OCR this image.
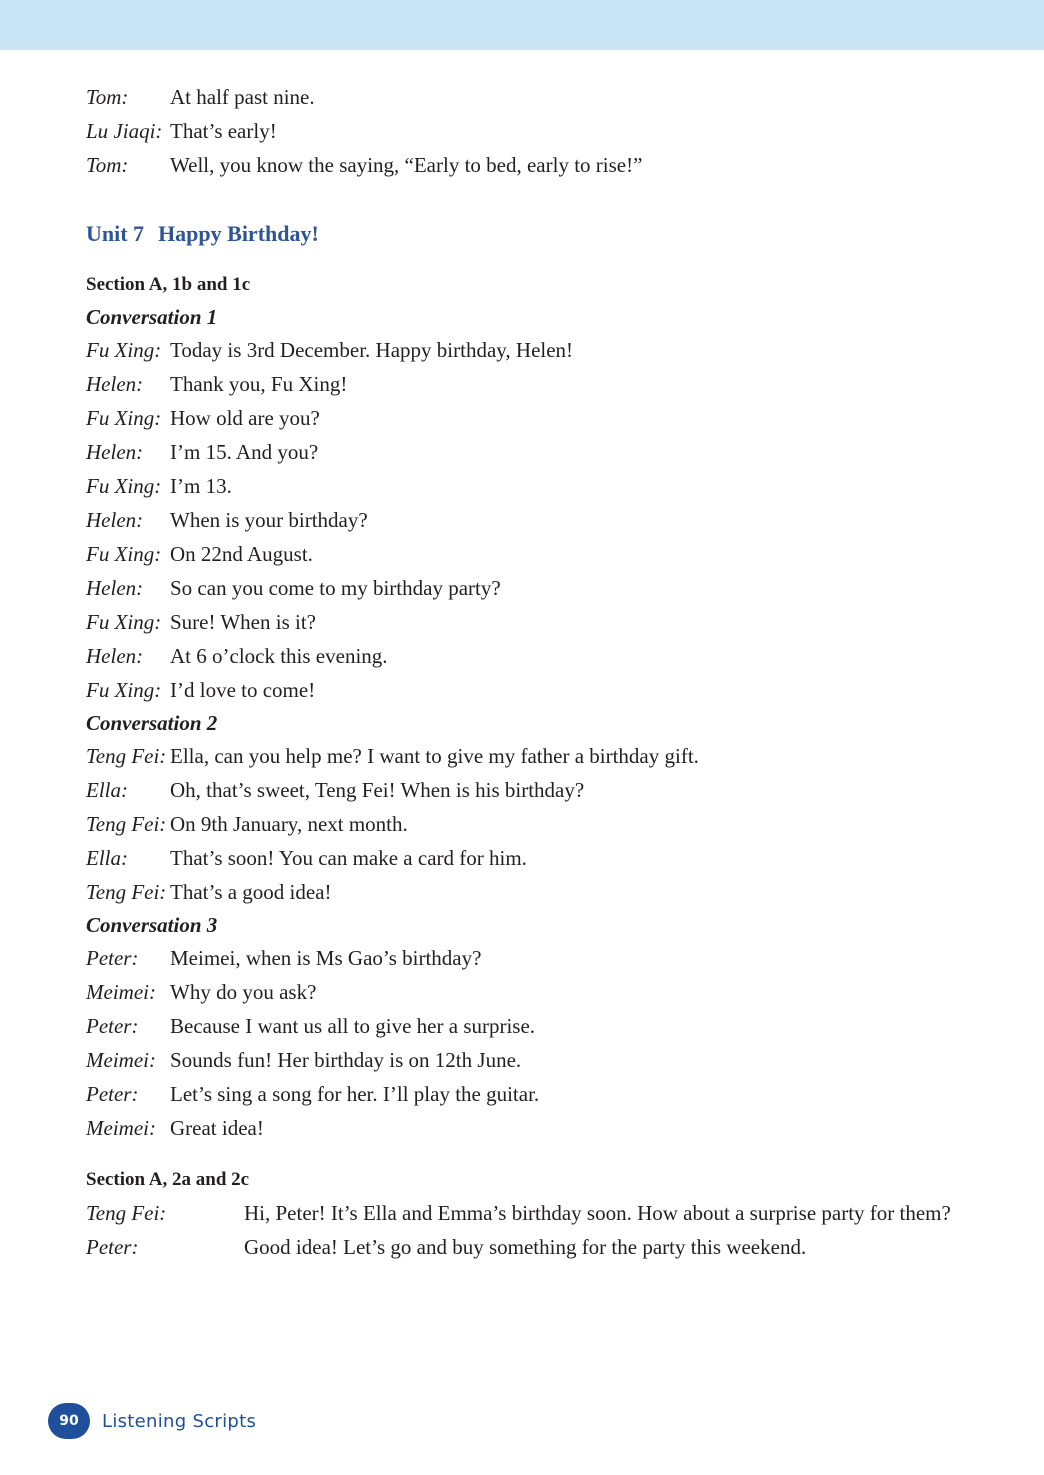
Tom:	At half past nine.
Lu Jiaqi: That’s early!
Tom:	Well, you know the saying, “Early to bed, early to rise!”
Unit 7 Happy Birthday!
Section A, 1b and 1c
Conversation 1
Fu Xing: Today is 3rd December. Happy birthday, Helen!
Helen:	Thank you, Fu Xing!
Fu Xing: How old are you?
Helen:	I’m 15. And you?
Fu Xing: I’m 13.
Helen:	When is your birthday?
Fu Xing: On 22nd August.
Helen:	So can you come to my birthday party?
Fu Xing: Sure! When is it?
Helen:	At 6 o’clock this evening.
Fu Xing: I’d love to come!
Conversation 2
Teng Fei: Ella, can you help me? I want to give my father a birthday gift.
Ella:	Oh, that’s sweet, Teng Fei! When is his birthday?
Teng Fei: On 9th January, next month.
Ella:	That’s soon! You can make a card for him.
Teng Fei: That’s a good idea!
Conversation 3
Peter:	Meimei, when is Ms Gao’s birthday?
Meimei: Why do you ask?
Peter:	Because I want us all to give her a surprise.
Meimei: Sounds fun! Her birthday is on 12th June.
Peter:	Let’s sing a song for her. I’ll play the guitar.
Meimei: Great idea!
Section A, 2a and 2c
Teng Fei:	Hi, Peter! It’s Ella and Emma’s birthday soon. How about a surprise party for them?
Peter:	Good idea! Let’s go and buy something for the party this weekend.
90	Listening Scripts
